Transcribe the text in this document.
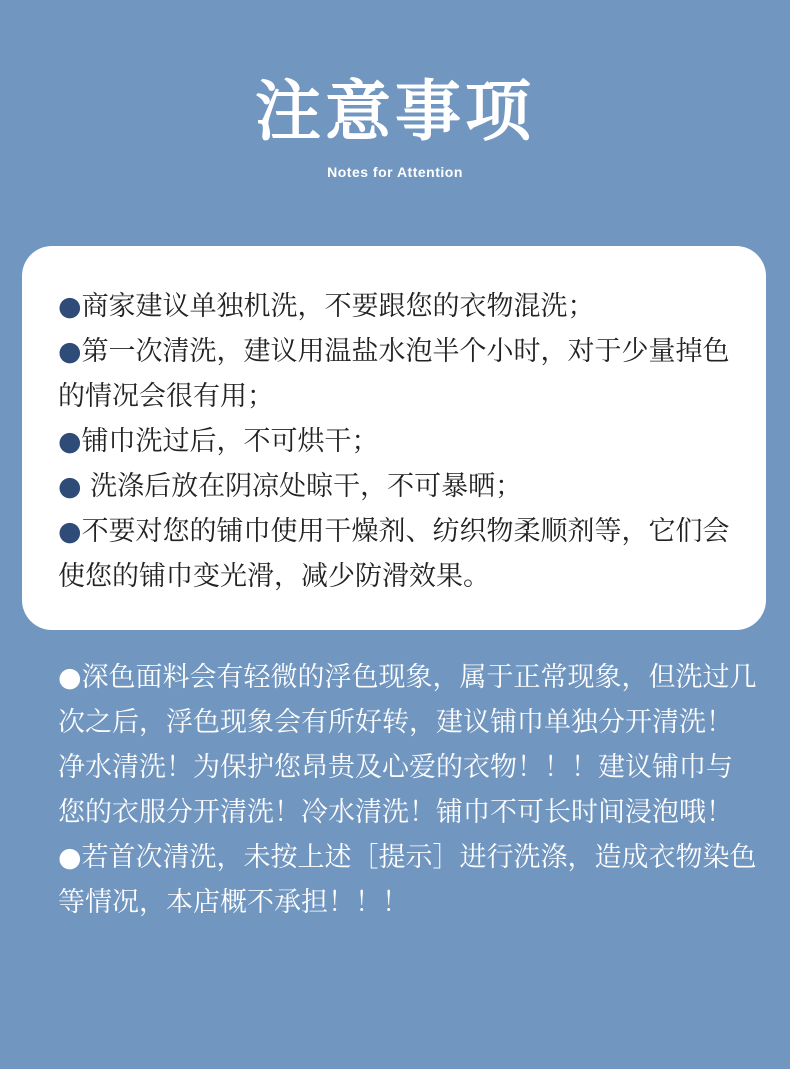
注意事项
Notes for Attention
●商家建议单独机洗，不要跟您的衣物混洗；
●第一次清洗，建议用温盐水泡半个小时，对于少量掉色的情况会很有用；
●铺巾洗过后，不可烘干；
● 洗涤后放在阴凉处晾干，不可暴晒；
●不要对您的铺巾使用干燥剂、纺织物柔顺剂等，它们会使您的铺巾变光滑，减少防滑效果。
●深色面料会有轻微的浮色现象，属于正常现象，但洗过几次之后，浮色现象会有所好转，建议铺巾单独分开清洗！净水清洗！为保护您昂贵及心爱的衣物！！！建议铺巾与您的衣服分开清洗！冷水清洗！铺巾不可长时间浸泡哦！
●若首次清洗，未按上述［提示］进行洗涤，造成衣物染色等情况，本店概不承担！！！
